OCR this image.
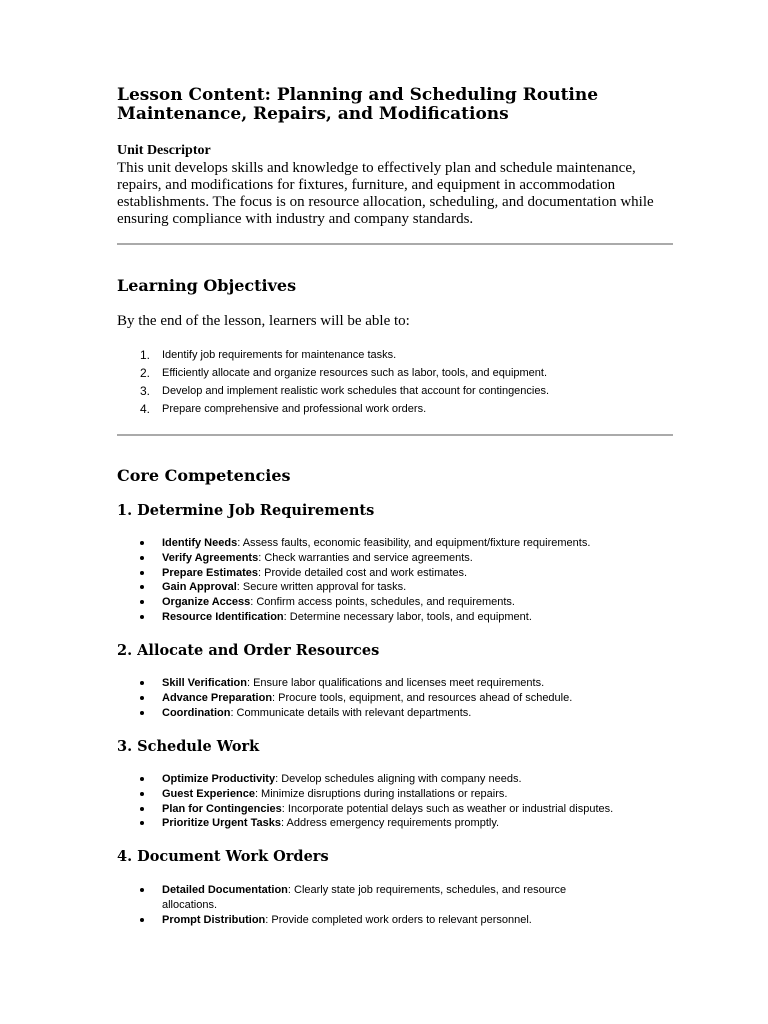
Lesson Content: Planning and Scheduling Routine Maintenance, Repairs, and Modifications
Unit Descriptor
This unit develops skills and knowledge to effectively plan and schedule maintenance, repairs, and modifications for fixtures, furniture, and equipment in accommodation establishments. The focus is on resource allocation, scheduling, and documentation while ensuring compliance with industry and company standards.
Learning Objectives
By the end of the lesson, learners will be able to:
1. Identify job requirements for maintenance tasks.
2. Efficiently allocate and organize resources such as labor, tools, and equipment.
3. Develop and implement realistic work schedules that account for contingencies.
4. Prepare comprehensive and professional work orders.
Core Competencies
1. Determine Job Requirements
Identify Needs: Assess faults, economic feasibility, and equipment/fixture requirements.
Verify Agreements: Check warranties and service agreements.
Prepare Estimates: Provide detailed cost and work estimates.
Gain Approval: Secure written approval for tasks.
Organize Access: Confirm access points, schedules, and requirements.
Resource Identification: Determine necessary labor, tools, and equipment.
2. Allocate and Order Resources
Skill Verification: Ensure labor qualifications and licenses meet requirements.
Advance Preparation: Procure tools, equipment, and resources ahead of schedule.
Coordination: Communicate details with relevant departments.
3. Schedule Work
Optimize Productivity: Develop schedules aligning with company needs.
Guest Experience: Minimize disruptions during installations or repairs.
Plan for Contingencies: Incorporate potential delays such as weather or industrial disputes.
Prioritize Urgent Tasks: Address emergency requirements promptly.
4. Document Work Orders
Detailed Documentation: Clearly state job requirements, schedules, and resource allocations.
Prompt Distribution: Provide completed work orders to relevant personnel.
